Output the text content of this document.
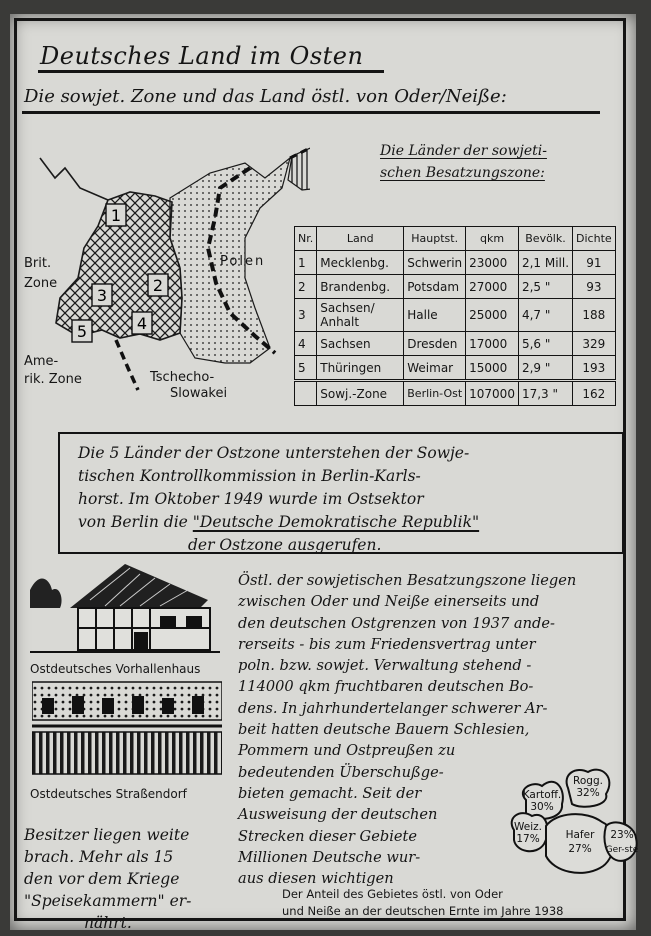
Deutsches Land im Osten
Die sowjet. Zone und das Land östl. von Oder/Neiße:
1
2
3
4
5
Brit.
Zone
Ame-
rik. Zone
Polen
Tschecho-
Slowakei
Die Länder der sowjeti-
schen Besatzungszone:
Nr.	Land	Hauptst.	qkm	Bevölk.	Dichte
1	Mecklenbg.	Schwerin	23000	2,1 Mill.	91
2	Brandenbg.	Potsdam	27000	2,5 "	93
3	Sachsen/ Anhalt	Halle	25000	4,7 "	188
4	Sachsen	Dresden	17000	5,6 "	329
5	Thüringen	Weimar	15000	2,9 "	193
	Sowj.-Zone	Berlin-Ost	107000	17,3 "	162
Die 5 Länder der Ostzone unterstehen der Sowje-
tischen Kontrollkommission in Berlin-Karls-
horst. Im Oktober 1949 wurde im Ostsektor
von Berlin die "Deutsche Demokratische Republik"
der Ostzone ausgerufen.
Ostdeutsches Vorhallenhaus
Ostdeutsches Straßendorf
Östl. der sowjetischen Besatzungszone liegen
zwischen Oder und Neiße einerseits und
den deutschen Ostgrenzen von 1937 ande-
rerseits - bis zum Friedensvertrag unter
poln. bzw. sowjet. Verwaltung stehend -
114000 qkm fruchtbaren deutschen Bo-
dens. In jahrhundertelanger schwerer Ar-
beit hatten deutsche Bauern Schlesien,
Pommern und Ostpreußen zu
bedeutenden Überschußge-
bieten gemacht. Seit der
Ausweisung der deutschen
Strecken dieser Gebiete
Millionen Deutsche wur-
aus diesen wichtigen
Besitzer liegen weite
brach. Mehr als 15
den vor dem Kriege
"Speisekammern" er-
nährt.
Kartoff.
30%
Rogg.
32%
Weiz.
17% Hafer
27%
23%
Ger-ste
Der Anteil des Gebietes östl. von Oder
und Neiße an der deutschen Ernte im Jahre 1938
